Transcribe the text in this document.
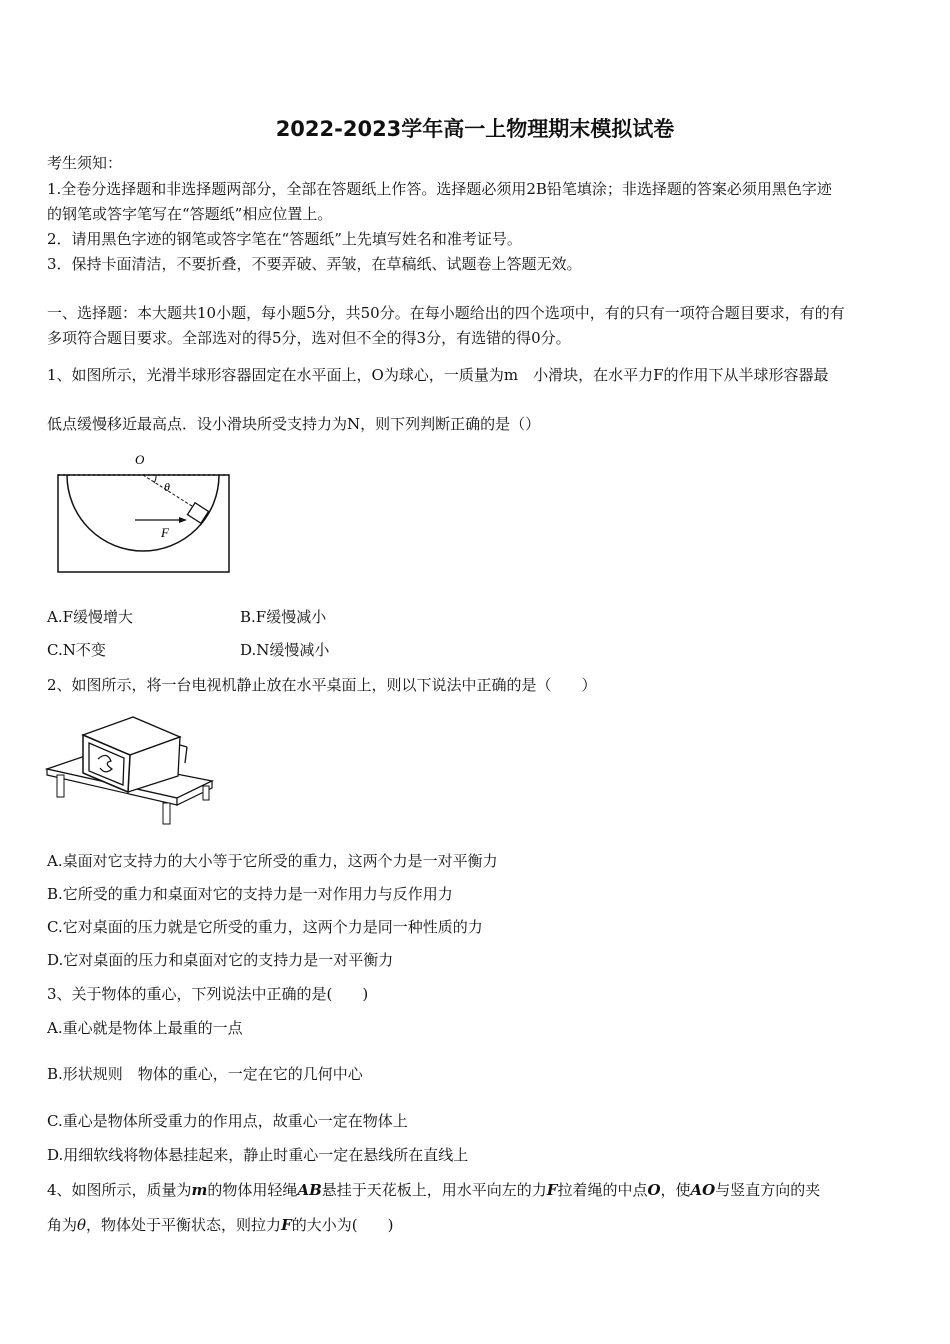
2022-2023学年高一上物理期末模拟试卷
考生须知：
1.全卷分选择题和非选择题两部分，全部在答题纸上作答。选择题必须用2B铅笔填涂；非选择题的答案必须用黑色字迹
的钢笔或答字笔写在“答题纸”相应位置上。
2．请用黑色字迹的钢笔或答字笔在“答题纸”上先填写姓名和准考证号。
3．保持卡面清洁，不要折叠，不要弄破、弄皱，在草稿纸、试题卷上答题无效。
一、选择题：本大题共10小题，每小题5分，共50分。在每小题给出的四个选项中，有的只有一项符合题目要求，有的有
多项符合题目要求。全部选对的得5分，选对但不全的得3分，有选错的得0分。
1、如图所示，光滑半球形容器固定在水平面上，O为球心，一质量为m　小滑块，在水平力F的作用下从半球形容器最
低点缓慢移近最高点．设小滑块所受支持力为N，则下列判断正确的是（）
O
θ
F
A.F缓慢增大	B.F缓慢减小
C.N不变	D.N缓慢减小
2、如图所示，将一台电视机静止放在水平桌面上，则以下说法中正确的是（　　）
A.桌面对它支持力的大小等于它所受的重力，这两个力是一对平衡力
B.它所受的重力和桌面对它的支持力是一对作用力与反作用力
C.它对桌面的压力就是它所受的重力，这两个力是同一种性质的力
D.它对桌面的压力和桌面对它的支持力是一对平衡力
3、关于物体的重心，下列说法中正确的是(　　)
A.重心就是物体上最重的一点
B.形状规则　物体的重心，一定在它的几何中心
C.重心是物体所受重力的作用点，故重心一定在物体上
D.用细软线将物体悬挂起来，静止时重心一定在悬线所在直线上
4、如图所示，质量为m的物体用轻绳AB悬挂于天花板上，用水平向左的力F拉着绳的中点O，使AO与竖直方向的夹
角为θ，物体处于平衡状态，则拉力F的大小为(　　)
